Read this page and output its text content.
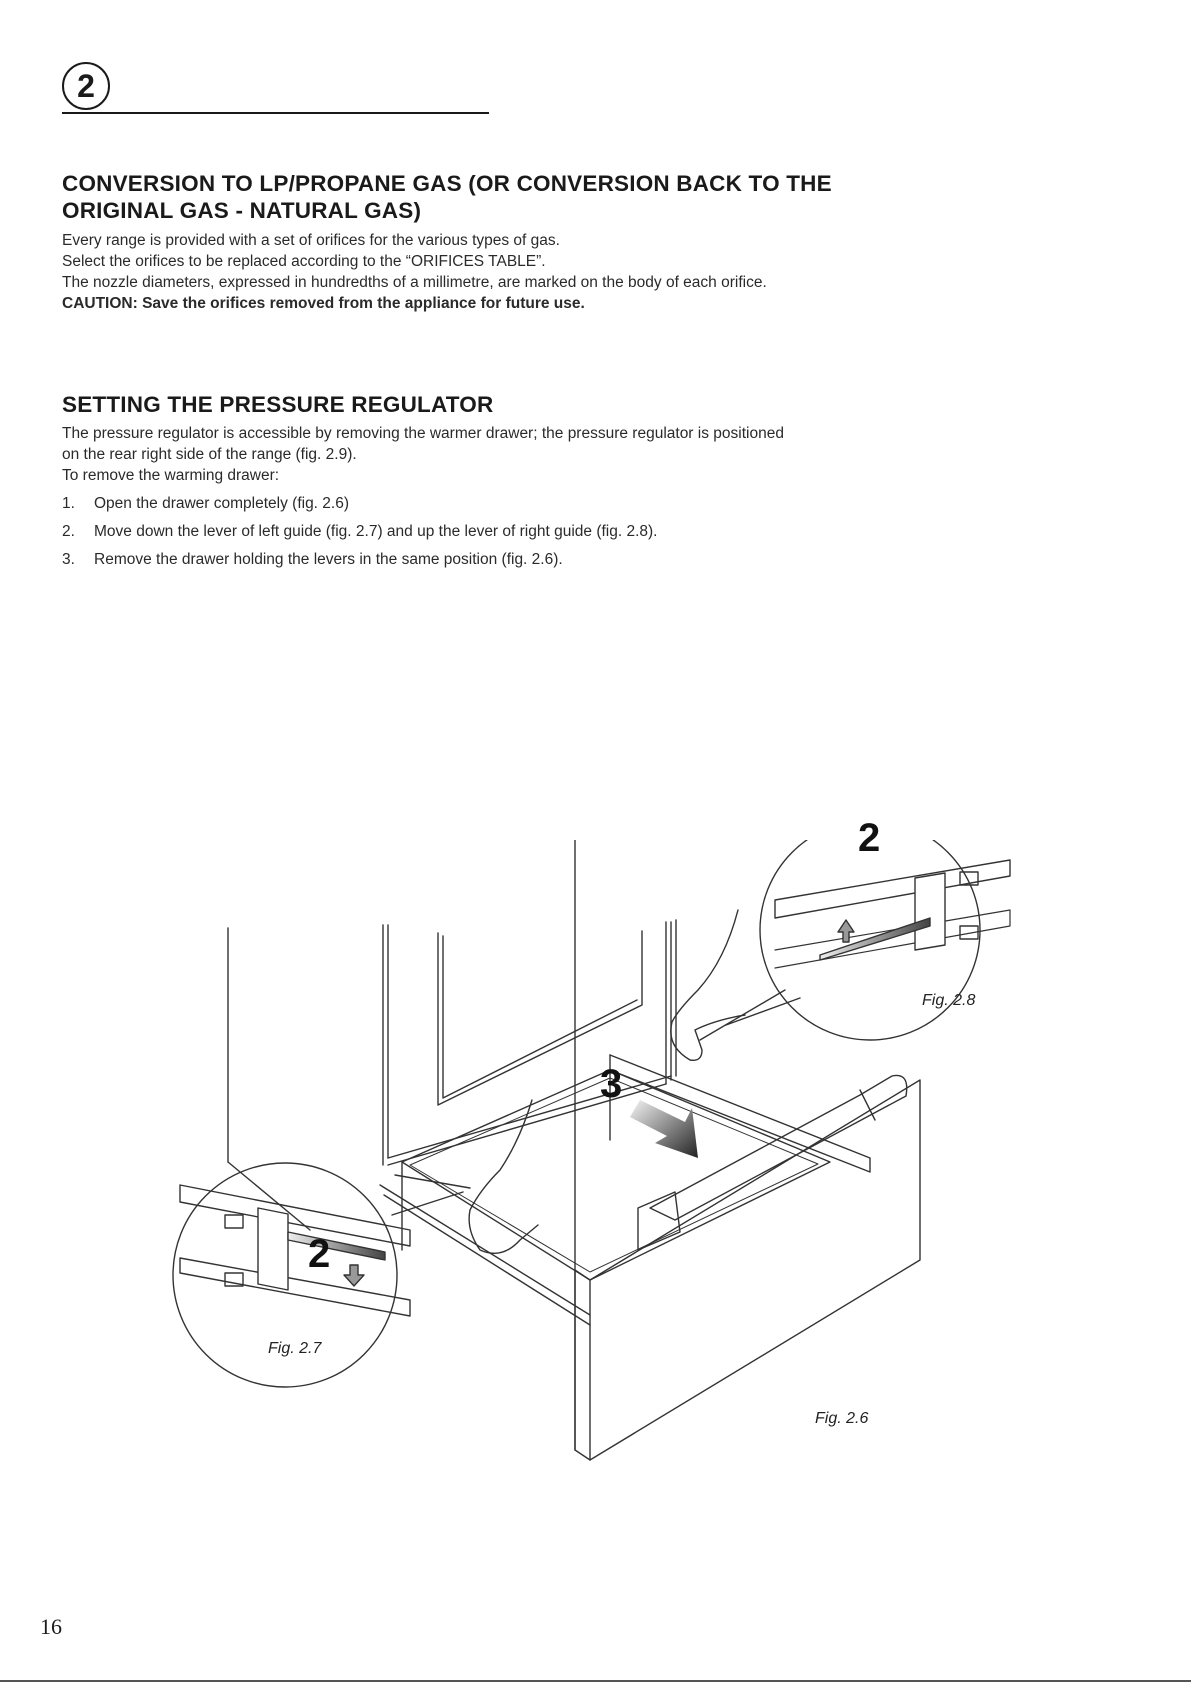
2
CONVERSION TO LP/PROPANE GAS (OR CONVERSION BACK TO THE
ORIGINAL GAS - NATURAL GAS)

Every range is provided with a set of orifices for the various types of gas.

Select the orifices to be replaced according to the “ORIFICES TABLE”.

The nozzle diameters, expressed in hundredths of a millimetre, are marked on the body of each orifice.

CAUTION: Save the orifices removed from the appliance for future use.

SETTING THE PRESSURE REGULATOR

The pressure regulator is accessible by removing the warmer drawer; the pressure regulator is positioned
on the rear right side of the range (fig. 2.9).

To remove the warming drawer:

1.	Open the drawer completely (fig. 2.6)
2.	Move down the lever of left guide (fig. 2.7) and up the lever of right guide (fig. 2.8).
3.	Remove the drawer holding the levers in the same position (fig. 2.6).
2
3
2
Fig. 2.8
Fig. 2.7
Fig. 2.6
16
